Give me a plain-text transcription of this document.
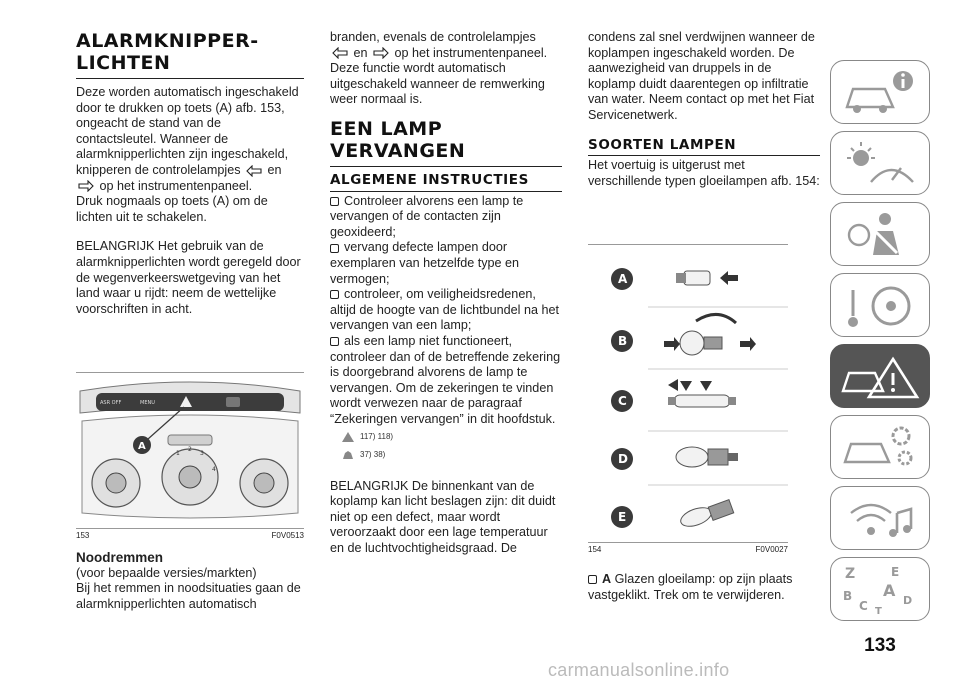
ALARMKNIPPER-
LICHTEN

Deze worden automatisch ingeschakeld door te drukken op toets (A) afb. 153, ongeacht de stand van de contactsleutel. Wanneer de alarmknipperlichten zijn ingeschakeld, knipperen de controlelampjes en
op het instrumentenpaneel.

Druk nogmaals op toets (A) om de lichten uit te schakelen.

BELANGRIJK Het gebruik van de alarmknipperlichten wordt geregeld door de wegenverkeerswetgeving van het land waar u rijdt: neem de wettelijke voorschriften in acht.

ASR OFF	MENU
1
2
3
4
A
153	F0V0513
Noodremmen

(voor bepaalde versies/markten)

Bij het remmen in noodsituaties gaan de alarmknipperlichten automatisch

branden, evenals de controlelampjes
en op het instrumentenpaneel.

Deze functie wordt automatisch uitgeschakeld wanneer de remwerking weer normaal is.

EEN LAMP
VERVANGEN
ALGEMENE INSTRUCTIES

Controleer alvorens een lamp te vervangen of de contacten zijn geoxideerd;

vervang defecte lampen door exemplaren van hetzelfde type en vermogen;

controleer, om veiligheidsredenen, altijd de hoogte van de lichtbundel na het vervangen van een lamp;

als een lamp niet functioneert, controleer dan of de betreffende zekering is doorgebrand alvorens de lamp te vervangen. Om de zekeringen te vinden wordt verwezen naar de paragraaf “Zekeringen vervangen” in dit hoofdstuk.

117) 118)
37) 38)

BELANGRIJK De binnenkant van de koplamp kan licht beslagen zijn: dit duidt niet op een defect, maar wordt veroorzaakt door een lage temperatuur en de luchtvochtigheidsgraad. De

condens zal snel verdwijnen wanneer de koplampen ingeschakeld worden. De aanwezigheid van druppels in de koplamp duidt daarentegen op infiltratie van water. Neem contact op met het Fiat Servicenetwerk.

SOORTEN LAMPEN

Het voertuig is uitgerust met verschillende typen gloeilampen afb. 154:

A
B
C
D
E
154	F0V0027

A Glazen gloeilamp: op zijn plaats vastgeklikt. Trek om te verwijderen.

Z	E
B A
D
C T
133
carmanualsonline.info
